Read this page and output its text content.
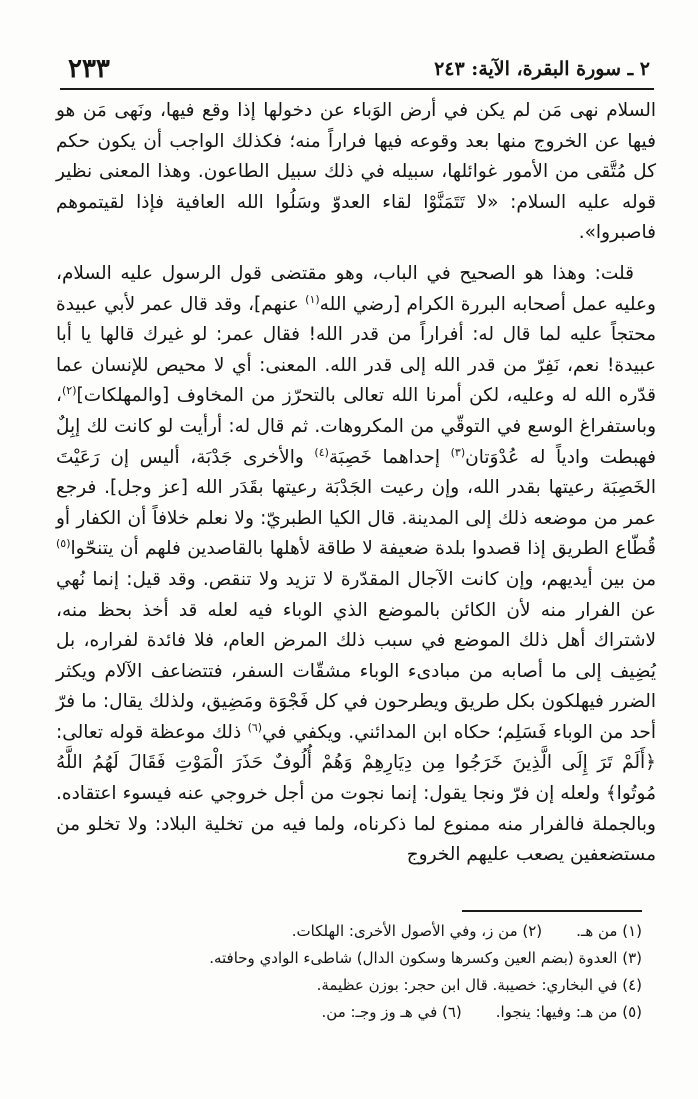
٢٣٣	٢ ـ سورة البقرة، الآية: ٢٤٣

السلام نهى مَن لم يكن في أرض الوَباء عن دخولها إذا وقع فيها، ونَهى مَن هو فيها عن الخروج منها بعد وقوعه فيها فراراً منه؛ فكذلك الواجب أن يكون حكم كل مُتَّقى من الأمور غوائلها، سبيله في ذلك سبيل الطاعون. وهذا المعنى نظير قوله عليه السلام: «لا تَتَمَنَّوْا لقاء العدوّ وسَلُوا الله العافية فإذا لقيتموهم فاصبروا».

قلت: وهذا هو الصحيح في الباب، وهو مقتضى قول الرسول عليه السلام، وعليه عمل أصحابه البررة الكرام [رضي الله$^{(١)}$ عنهم]، وقد قال عمر لأبي عبيدة محتجاً عليه لما قال له: أفراراً من قدر الله! فقال عمر: لو غيرك قالها يا أبا عبيدة! نعم، نَفِرّ من قدر الله إلى قدر الله. المعنى: أي لا محيص للإنسان عما قدّره الله له وعليه، لكن أمرنا الله تعالى بالتحرّز من المخاوف [والمهلكات]$^{(٢)}$، وباستفراغ الوسع في التوقّي من المكروهات. ثم قال له: أرأيت لو كانت لك إبِلٌ فهبطت وادياً له عُدْوَتان$^{(٣)}$ إحداهما خَصِبَة$^{(٤)}$ والأخرى جَدْبَة، أليس إن رَعَيْتَ الخَصِبَة رعيتها بقدر الله، وإن رعيت الجَدْبَة رعيتها بقَدَر الله [عز وجل]. فرجع عمر من موضعه ذلك إلى المدينة. قال الكيا الطبريّ: ولا نعلم خلافاً أن الكفار أو قُطّاع الطريق إذا قصدوا بلدة ضعيفة لا طاقة لأهلها بالقاصدين فلهم أن يتنحّوا$^{(٥)}$ من بين أيديهم، وإن كانت الآجال المقدّرة لا تزيد ولا تنقص. وقد قيل: إنما نُهي عن الفرار منه لأن الكائن بالموضع الذي الوباء فيه لعله قد أخذ بحظ منه، لاشتراك أهل ذلك الموضع في سبب ذلك المرض العام، فلا فائدة لفراره، بل يُضِيف إلى ما أصابه من مبادىء الوباء مشقّات السفر، فتتضاعف الآلام ويكثر الضرر فيهلكون بكل طريق ويطرحون في كل فَجْوَة ومَضِيق، ولذلك يقال: ما فرّ أحد من الوباء فَسَلِم؛ حكاه ابن المدائني. ويكفي في$^{(٦)}$ ذلك موعظة قوله تعالى: ﴿أَلَمْ تَرَ إِلَى الَّذِينَ خَرَجُوا مِن دِيَارِهِمْ وَهُمْ أُلُوفٌ حَذَرَ الْمَوْتِ فَقَالَ لَهُمُ اللَّهُ مُوتُوا﴾ ولعله إن فرّ ونجا يقول: إنما نجوت من أجل خروجي عنه فيسوء اعتقاده. وبالجملة فالفرار منه ممنوع لما ذكرناه، ولما فيه من تخلية البلاد: ولا تخلو من مستضعفين يصعب عليهم الخروج

(١) من هـ.(٢) من ز، وفي الأصول الأخرى: الهلكات.
(٣) العدوة (بضم العين وكسرها وسكون الدال) شاطىء الوادي وحافته.
(٤) في البخاري: خصيبة. قال ابن حجر: بوزن عظيمة.
(٥) من هـ: وفيها: ينجوا.(٦) في هـ وز وجـ: من.
